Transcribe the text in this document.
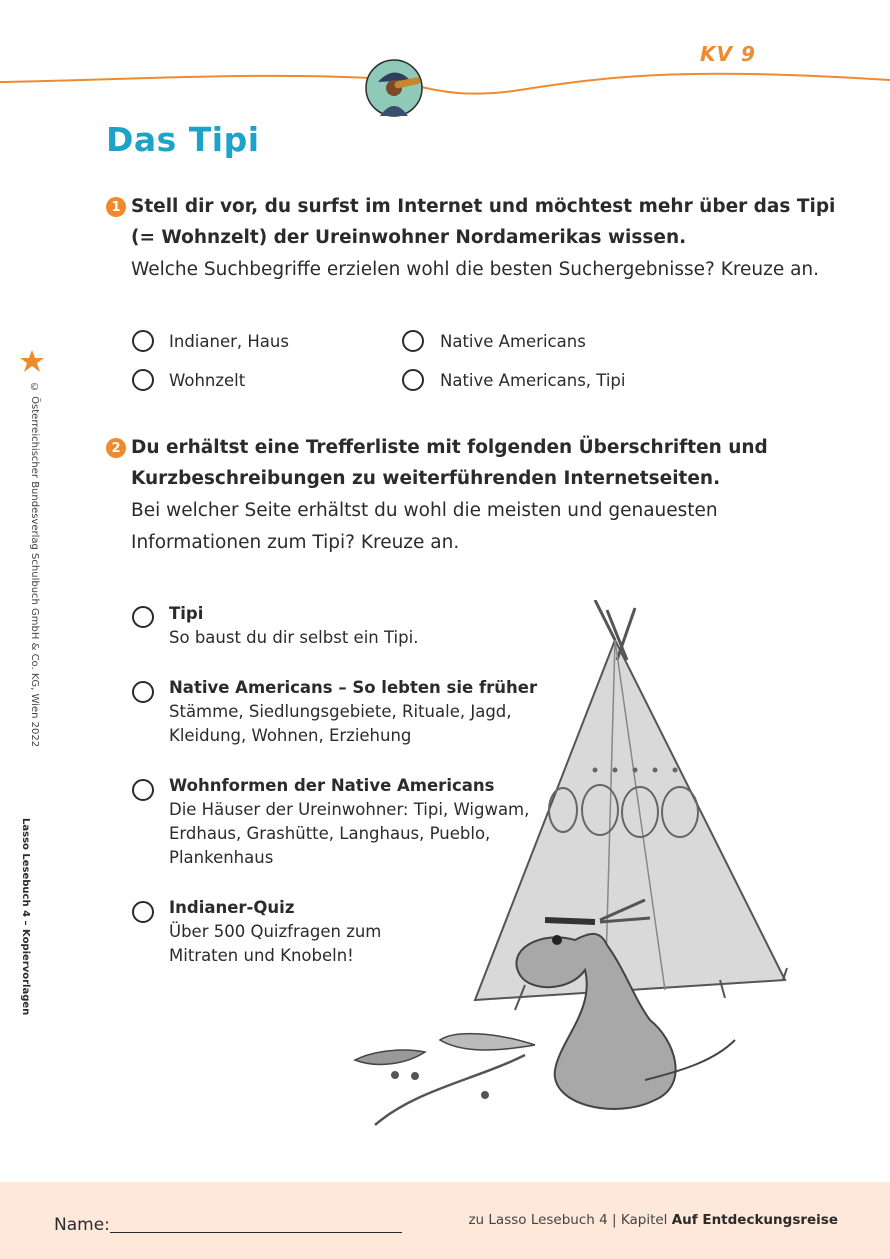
KV 9
Das Tipi
© Österreichischer Bundesverlag Schulbuch GmbH & Co. KG, Wien 2022
Lasso Lesebuch 4 – Kopiervorlagen
1 Stell dir vor, du surfst im Internet und möchtest mehr über das Tipi
(= Wohnzelt) der Ureinwohner Nordamerikas wissen.
Welche Suchbegriffe erzielen wohl die besten Suchergebnisse? Kreuze an.
Indianer, Haus	Native Americans
Wohnzelt	Native Americans, Tipi
2 Du erhältst eine Trefferliste mit folgenden Überschriften und
Kurzbeschreibungen zu weiterführenden Internetseiten.
Bei welcher Seite erhältst du wohl die meisten und genauesten
Informationen zum Tipi? Kreuze an.
Tipi
So baust du dir selbst ein Tipi.
Native Americans – So lebten sie früher
Stämme, Siedlungsgebiete, Rituale, Jagd,
Kleidung, Wohnen, Erziehung
Wohnformen der Native Americans
Die Häuser der Ureinwohner: Tipi, Wigwam,
Erdhaus, Grashütte, Langhaus, Pueblo,
Plankenhaus
Indianer-Quiz
Über 500 Quizfragen zum
Mitraten und Knobeln!
Name:	zu Lasso Lesebuch 4 | Kapitel Auf Entdeckungsreise
